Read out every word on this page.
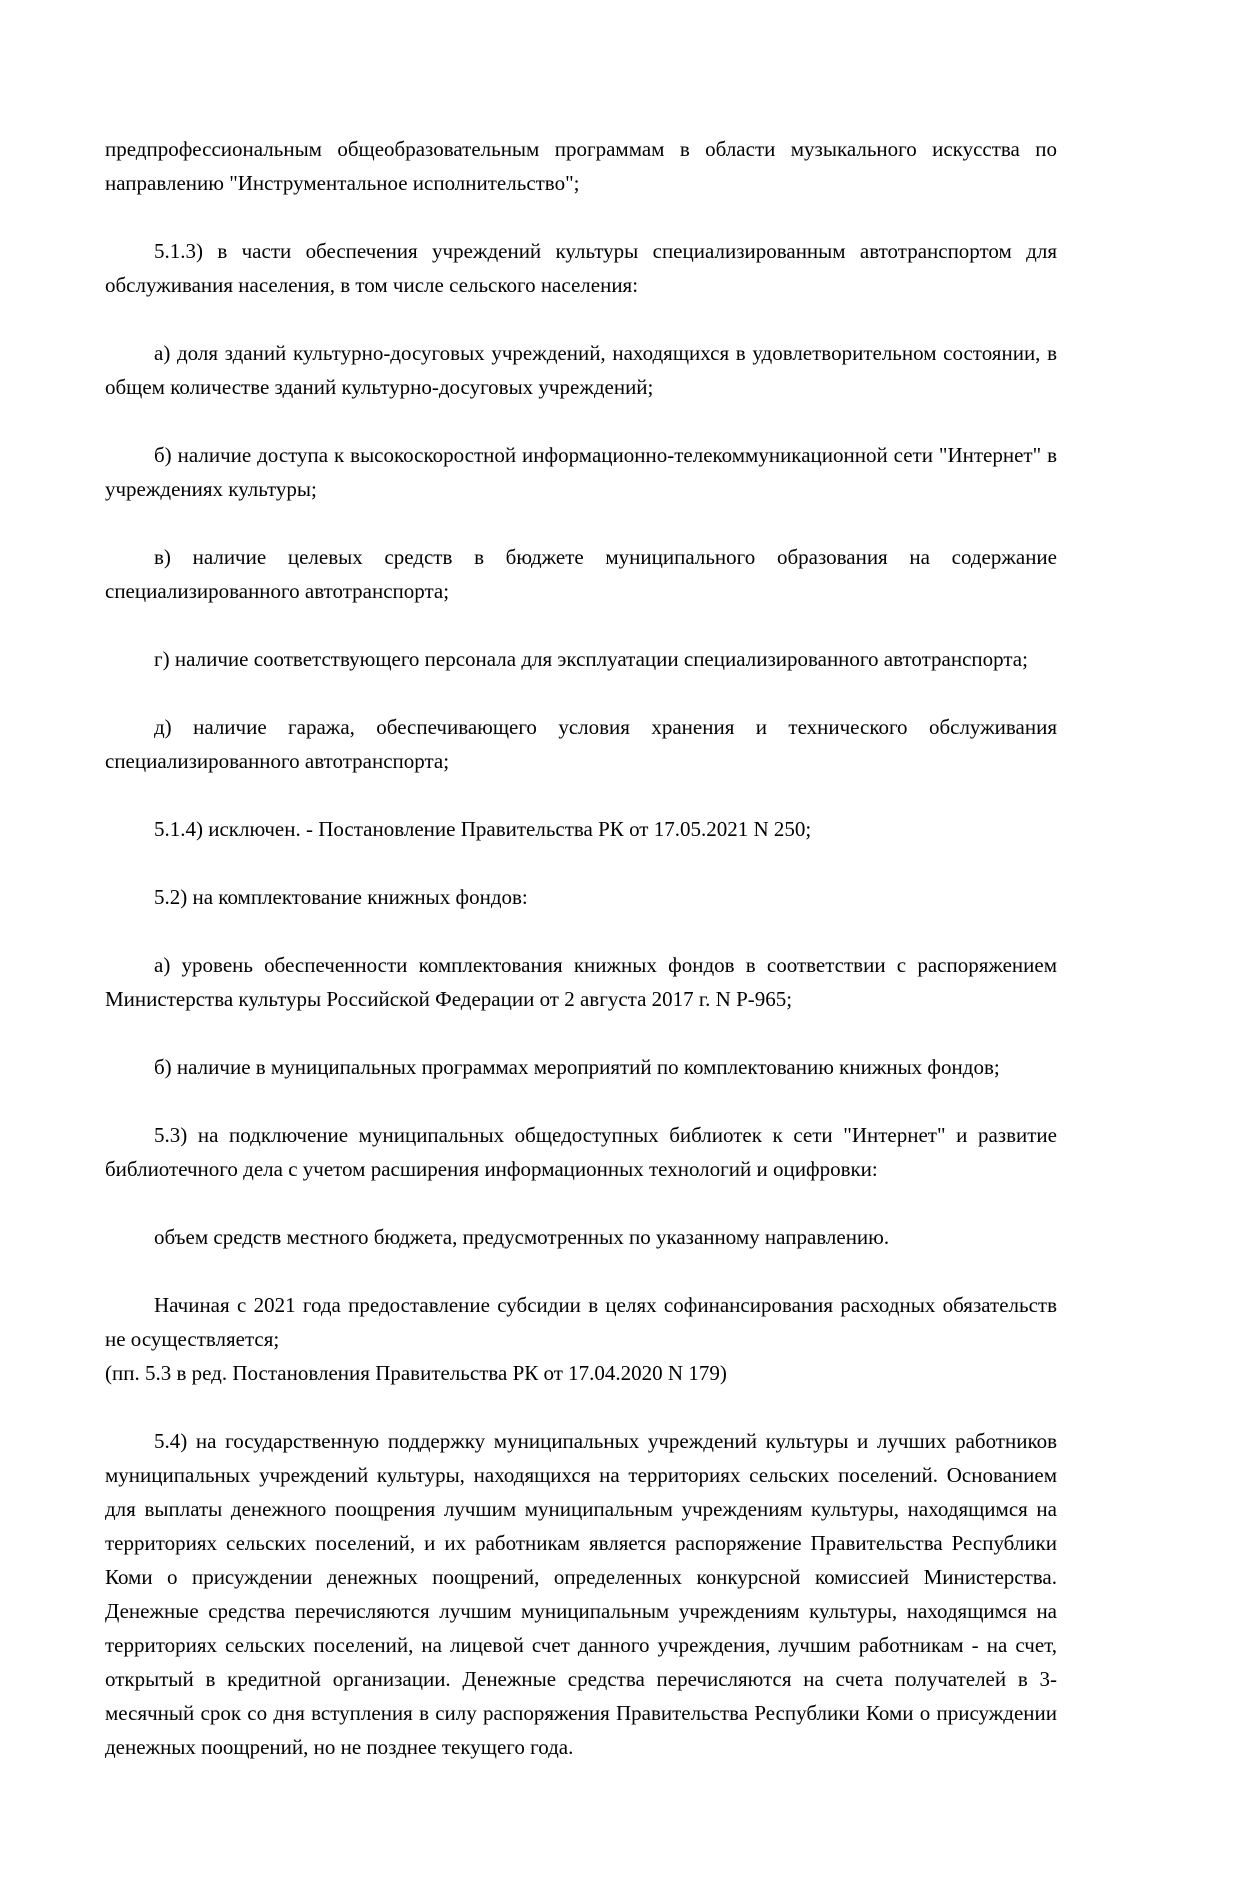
предпрофессиональным общеобразовательным программам в области музыкального искусства по направлению "Инструментальное исполнительство";

5.1.3) в части обеспечения учреждений культуры специализированным автотранспортом для обслуживания населения, в том числе сельского населения:

а) доля зданий культурно-досуговых учреждений, находящихся в удовлетворительном состоянии, в общем количестве зданий культурно-досуговых учреждений;

б) наличие доступа к высокоскоростной информационно-телекоммуникационной сети "Интернет" в учреждениях культуры;

в) наличие целевых средств в бюджете муниципального образования на содержание специализированного автотранспорта;

г) наличие соответствующего персонала для эксплуатации специализированного автотранспорта;

д) наличие гаража, обеспечивающего условия хранения и технического обслуживания специализированного автотранспорта;

5.1.4) исключен. - Постановление Правительства РК от 17.05.2021 N 250;

5.2) на комплектование книжных фондов:

а) уровень обеспеченности комплектования книжных фондов в соответствии с распоряжением Министерства культуры Российской Федерации от 2 августа 2017 г. N Р-965;

б) наличие в муниципальных программах мероприятий по комплектованию книжных фондов;

5.3) на подключение муниципальных общедоступных библиотек к сети "Интернет" и развитие библиотечного дела с учетом расширения информационных технологий и оцифровки:

объем средств местного бюджета, предусмотренных по указанному направлению.

Начиная с 2021 года предоставление субсидии в целях софинансирования расходных обязательств не осуществляется;

(пп. 5.3 в ред. Постановления Правительства РК от 17.04.2020 N 179)

5.4) на государственную поддержку муниципальных учреждений культуры и лучших работников муниципальных учреждений культуры, находящихся на территориях сельских поселений. Основанием для выплаты денежного поощрения лучшим муниципальным учреждениям культуры, находящимся на территориях сельских поселений, и их работникам является распоряжение Правительства Республики Коми о присуждении денежных поощрений, определенных конкурсной комиссией Министерства. Денежные средства перечисляются лучшим муниципальным учреждениям культуры, находящимся на территориях сельских поселений, на лицевой счет данного учреждения, лучшим работникам - на счет, открытый в кредитной организации. Денежные средства перечисляются на счета получателей в 3-месячный срок со дня вступления в силу распоряжения Правительства Республики Коми о присуждении денежных поощрений, но не позднее текущего года.
